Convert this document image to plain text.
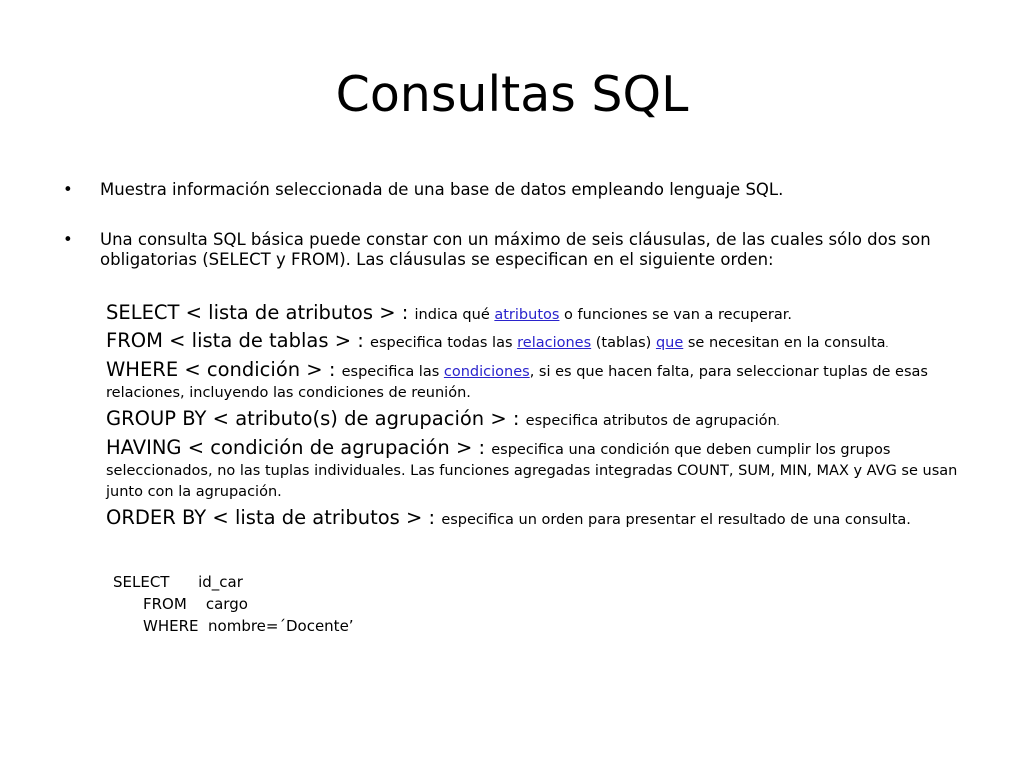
Consultas SQL
• Muestra información seleccionada de una base de datos empleando lenguaje SQL.
• Una consulta SQL básica puede constar con un máximo de seis cláusulas, de las cuales sólo dos son obligatorias (SELECT y FROM). Las cláusulas se especifican en el siguiente orden:
SELECT < lista de atributos > : indica qué atributos o funciones se van a recuperar.
FROM < lista de tablas > : especifica todas las relaciones (tablas) que se necesitan en la consulta.
WHERE < condición > : especifica las condiciones, si es que hacen falta, para seleccionar tuplas de esas relaciones, incluyendo las condiciones de reunión.
GROUP BY < atributo(s) de agrupación > : especifica atributos de agrupación.
HAVING < condición de agrupación > : especifica una condición que deben cumplir los grupos seleccionados, no las tuplas individuales. Las funciones agregadas integradas COUNT, SUM, MIN, MAX y AVG se usan junto con la agrupación.
ORDER BY < lista de atributos > : especifica un orden para presentar el resultado de una consulta.
SELECT      id_car
FROM    cargo
WHERE  nombre=´Docente’
